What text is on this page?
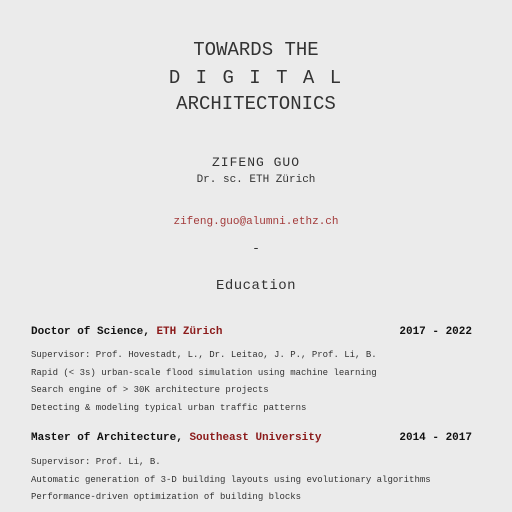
TOWARDS THE
D I G I T A L
ARCHITECTONICS
ZIFENG GUO
Dr. sc. ETH Zürich
zifeng.guo@alumni.ethz.ch
-
Education
Doctor of Science, ETH Zürich	2017 - 2022
Supervisor: Prof. Hovestadt, L., Dr. Leitao, J. P., Prof. Li, B.
Rapid (< 3s) urban-scale flood simulation using machine learning
Search engine of > 30K architecture projects
Detecting & modeling typical urban traffic patterns
Master of Architecture, Southeast University	2014 - 2017
Supervisor: Prof. Li, B.
Automatic generation of 3-D building layouts using evolutionary algorithms
Performance-driven optimization of building blocks
